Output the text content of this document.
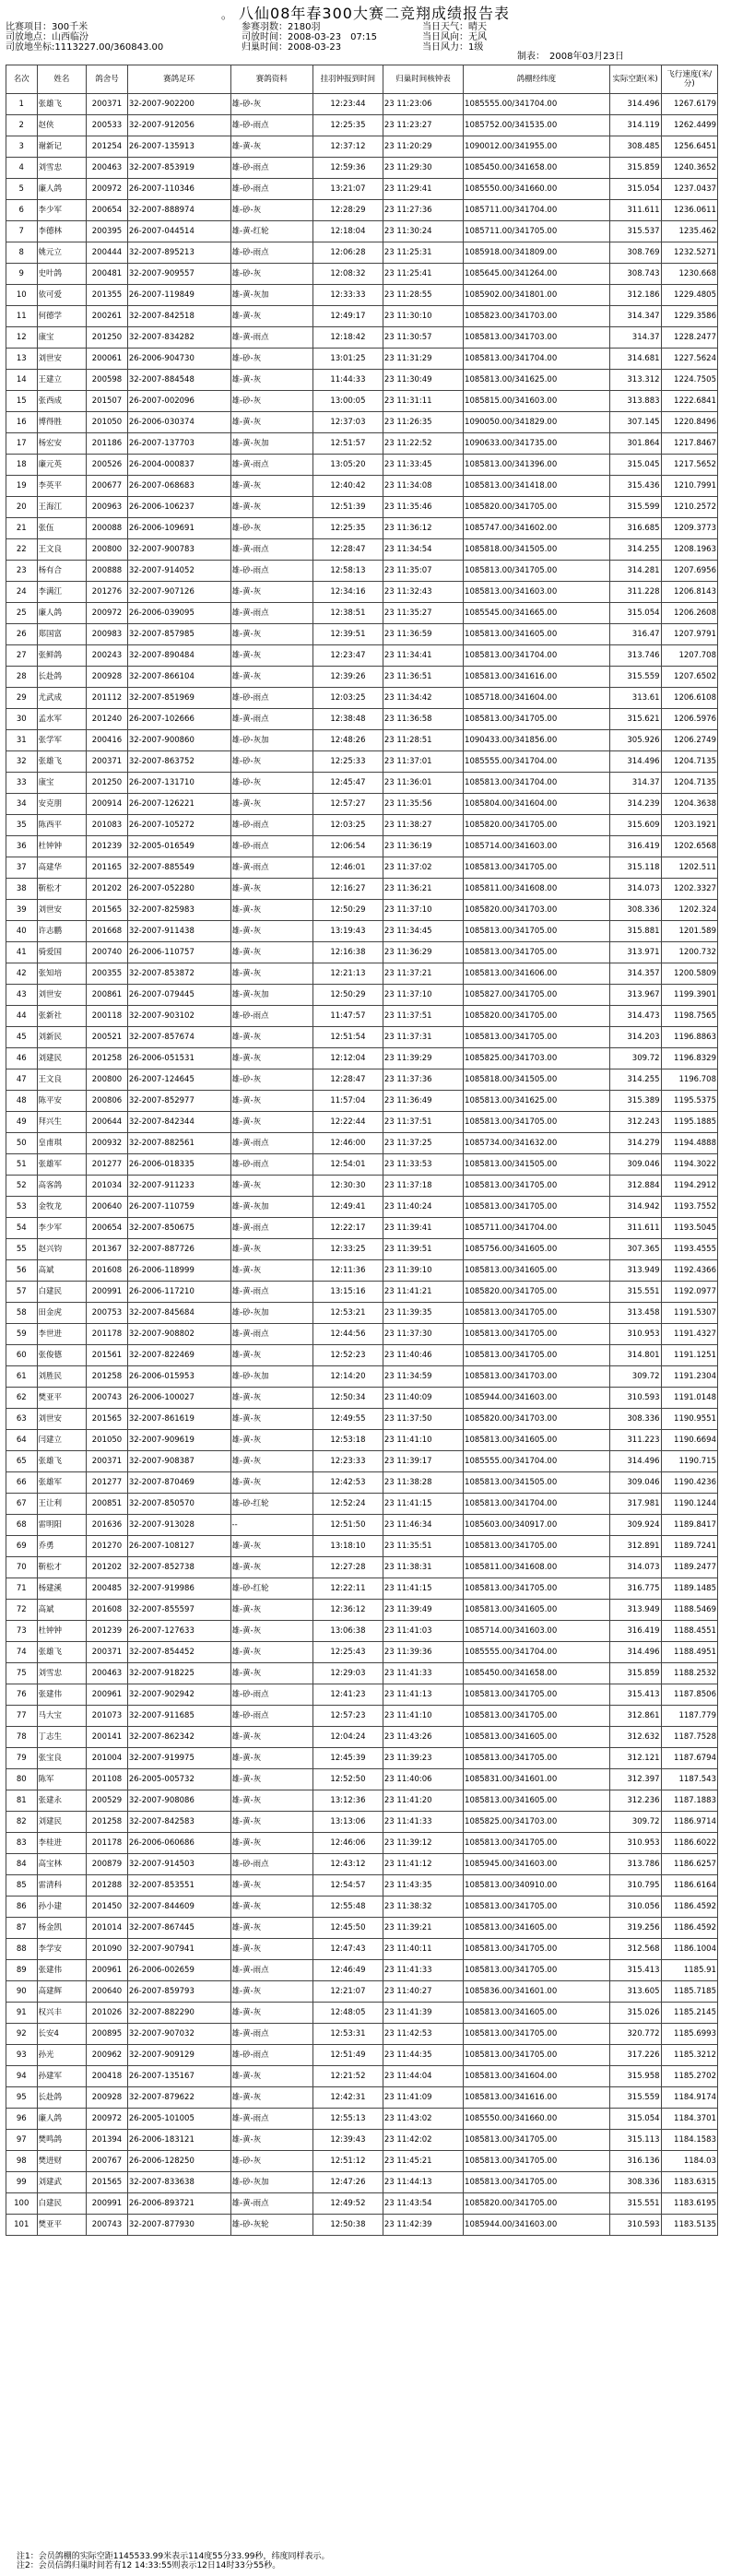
。 八仙08年春300大赛二竞翔成绩报告表
比赛项目：300千米
司放地点：山西临汾
司放地坐标:1113227.00/360843.00
参赛羽数：2180羽
司放时间：2008-03-23　07:15
归巢时间：2008-03-23
当日天气：晴天
当日风向：无风
当日风力：1级
制表：　2008年03月23日
名次	姓名	鸽舍号	赛鸽足环	赛鸽资料	挂羽钟报到时间	归巢时间核钟表	鸽棚经纬度	实际空距(米)	飞行速度(米/分)
1	张雄飞	200371	32-2007-902200	雄-砂-灰	12:23:44	23 11:23:06	1085555.00/341704.00	314.496	1267.6179
2	赵侠	200533	32-2007-912056	雄-砂-雨点	12:25:35	23 11:23:27	1085752.00/341535.00	314.119	1262.4499
3	谢新记	201254	26-2007-135913	雄-黄-灰	12:37:12	23 11:20:29	1090012.00/341955.00	308.485	1256.6451
4	刘雪忠	200463	32-2007-853919	雄-砂-雨点	12:59:36	23 11:29:30	1085450.00/341658.00	315.859	1240.3652
5	廉人鸽	200972	26-2007-110346	雄-砂-雨点	13:21:07	23 11:29:41	1085550.00/341660.00	315.054	1237.0437
6	李少军	200654	32-2007-888974	雄-砂-灰	12:28:29	23 11:27:36	1085711.00/341704.00	311.611	1236.0611
7	李德林	200395	26-2007-044514	雄-黄-红轮	12:18:04	23 11:30:24	1085711.00/341705.00	315.537	1235.462
8	姚元立	200444	32-2007-895213	雄-砂-雨点	12:06:28	23 11:25:31	1085918.00/341809.00	308.769	1232.5271
9	史叶鸽	200481	32-2007-909557	雄-砂-灰	12:08:32	23 11:25:41	1085645.00/341264.00	308.743	1230.668
10	依可爱	201355	26-2007-119849	雄-黄-灰加	12:33:33	23 11:28:55	1085902.00/341801.00	312.186	1229.4805
11	何德学	200261	32-2007-842518	雄-黄-灰	12:49:17	23 11:30:10	1085823.00/341703.00	314.347	1229.3586
12	康宝	201250	32-2007-834282	雄-黄-雨点	12:18:42	23 11:30:57	1085813.00/341703.00	314.37	1228.2477
13	刘世安	200061	26-2006-904730	雄-砂-灰	13:01:25	23 11:31:29	1085813.00/341704.00	314.681	1227.5624
14	王建立	200598	32-2007-884548	雄-黄-灰	11:44:33	23 11:30:49	1085813.00/341625.00	313.312	1224.7505
15	张西成	201507	26-2007-002096	雄-砂-灰	13:00:05	23 11:31:11	1085815.00/341603.00	313.883	1222.6841
16	博得胜	201050	26-2006-030374	雄-黄-灰	12:37:03	23 11:26:35	1090050.00/341829.00	307.145	1220.8496
17	杨宏安	201186	26-2007-137703	雄-黄-灰加	12:51:57	23 11:22:52	1090633.00/341735.00	301.864	1217.8467
18	廉元英	200526	26-2004-000837	雄-黄-雨点	13:05:20	23 11:33:45	1085813.00/341396.00	315.045	1217.5652
19	李英平	200677	26-2007-068683	雄-黄-灰	12:40:42	23 11:34:08	1085813.00/341418.00	315.436	1210.7991
20	王海江	200963	26-2006-106237	雄-黄-灰	12:51:39	23 11:35:46	1085820.00/341705.00	315.599	1210.2572
21	张伍	200088	26-2006-109691	雄-砂-灰	12:25:35	23 11:36:12	1085747.00/341602.00	316.685	1209.3773
22	王文良	200800	32-2007-900783	雄-黄-雨点	12:28:47	23 11:34:54	1085818.00/341505.00	314.255	1208.1963
23	杨有合	200888	32-2007-914052	雄-砂-雨点	12:58:13	23 11:35:07	1085813.00/341705.00	314.281	1207.6956
24	李满江	201276	32-2007-907126	雄-黄-灰	12:34:16	23 11:32:43	1085813.00/341603.00	311.228	1206.8143
25	廉人鸽	200972	26-2006-039095	雄-黄-雨点	12:38:51	23 11:35:27	1085545.00/341665.00	315.054	1206.2608
26	郑国富	200983	32-2007-857985	雄-黄-灰	12:39:51	23 11:36:59	1085813.00/341605.00	316.47	1207.9791
27	张鲜鸽	200243	32-2007-890484	雄-黄-灰	12:23:47	23 11:34:41	1085813.00/341704.00	313.746	1207.708
28	长赴鸽	200928	32-2007-866104	雄-黄-灰	12:39:26	23 11:36:51	1085813.00/341616.00	315.559	1207.6502
29	尤武成	201112	32-2007-851969	雄-砂-雨点	12:03:25	23 11:34:42	1085718.00/341604.00	313.61	1206.6108
30	孟水军	201240	26-2007-102666	雄-黄-雨点	12:38:48	23 11:36:58	1085813.00/341705.00	315.621	1206.5976
31	张学军	200416	32-2007-900860	雄-砂-灰加	12:48:26	23 11:28:51	1090433.00/341856.00	305.926	1206.2749
32	张雄飞	200371	32-2007-863752	雄-砂-灰	12:25:33	23 11:37:01	1085555.00/341704.00	314.496	1204.7135
33	康宝	201250	26-2007-131710	雄-砂-灰	12:45:47	23 11:36:01	1085813.00/341704.00	314.37	1204.7135
34	安克朋	200914	26-2007-126221	雄-黄-灰	12:57:27	23 11:35:56	1085804.00/341604.00	314.239	1204.3638
35	陈西平	201083	26-2007-105272	雄-砂-雨点	12:03:25	23 11:38:27	1085820.00/341705.00	315.609	1203.1921
36	杜钟钟	201239	32-2005-016549	雄-砂-雨点	12:06:54	23 11:36:19	1085714.00/341603.00	316.419	1202.6568
37	高建华	201165	32-2007-885549	雄-黄-雨点	12:46:01	23 11:37:02	1085813.00/341705.00	315.118	1202.511
38	靳松才	201202	26-2007-052280	雄-黄-灰	12:16:27	23 11:36:21	1085811.00/341608.00	314.073	1202.3327
39	刘世安	201565	32-2007-825983	雄-黄-灰	12:50:29	23 11:37:10	1085820.00/341703.00	308.336	1202.324
40	许志鹏	201668	32-2007-911438	雄-黄-灰	13:19:43	23 11:34:45	1085813.00/341705.00	315.881	1201.589
41	骑爱国	200740	26-2006-110757	雄-黄-灰	12:16:38	23 11:36:29	1085813.00/341705.00	313.971	1200.732
42	张知培	200355	32-2007-853872	雄-黄-灰	12:21:13	23 11:37:21	1085813.00/341606.00	314.357	1200.5809
43	刘世安	200861	26-2007-079445	雄-黄-灰加	12:50:29	23 11:37:10	1085827.00/341705.00	313.967	1199.3901
44	张新社	200118	32-2007-903102	雄-砂-雨点	11:47:57	23 11:37:51	1085820.00/341705.00	314.473	1198.7565
45	刘新民	200521	32-2007-857674	雄-黄-灰	12:51:54	23 11:37:31	1085813.00/341705.00	314.203	1196.8863
46	刘建民	201258	26-2006-051531	雄-黄-灰	12:12:04	23 11:39:29	1085825.00/341703.00	309.72	1196.8329
47	王文良	200800	26-2007-124645	雄-砂-灰	12:28:47	23 11:37:36	1085818.00/341505.00	314.255	1196.708
48	陈平安	200806	32-2007-852977	雄-黄-灰	11:57:04	23 11:36:49	1085813.00/341625.00	315.389	1195.5375
49	拜兴生	200644	32-2007-842344	雄-黄-灰	12:22:44	23 11:37:51	1085813.00/341705.00	312.243	1195.1885
50	皇甫琪	200932	32-2007-882561	雄-黄-雨点	12:46:00	23 11:37:25	1085734.00/341632.00	314.279	1194.4888
51	张雄军	201277	26-2006-018335	雄-砂-雨点	12:54:01	23 11:33:53	1085813.00/341505.00	309.046	1194.3022
52	高客鸽	201034	32-2007-911233	雄-黄-灰	12:30:30	23 11:37:18	1085813.00/341705.00	312.884	1194.2912
53	金牧龙	200640	26-2007-110759	雄-黄-灰加	12:49:41	23 11:40:24	1085813.00/341705.00	314.942	1193.7552
54	李少军	200654	32-2007-850675	雄-黄-雨点	12:22:17	23 11:39:41	1085711.00/341704.00	311.611	1193.5045
55	赵兴钧	201367	32-2007-887726	雄-黄-灰	12:33:25	23 11:39:51	1085756.00/341605.00	307.365	1193.4555
56	高斌	201608	26-2006-118999	雄-黄-灰	12:11:36	23 11:39:10	1085813.00/341605.00	313.949	1192.4366
57	白建民	200991	26-2006-117210	雄-黄-雨点	13:15:16	23 11:41:21	1085820.00/341705.00	315.551	1192.0977
58	田金虎	200753	32-2007-845684	雄-砂-灰加	12:53:21	23 11:39:35	1085813.00/341705.00	313.458	1191.5307
59	李世进	201178	32-2007-908802	雄-黄-雨点	12:44:56	23 11:37:30	1085813.00/341705.00	310.953	1191.4327
60	张俊德	201561	32-2007-822469	雄-黄-灰	12:52:23	23 11:40:46	1085813.00/341705.00	314.801	1191.1251
61	刘胜民	201258	26-2006-015953	雄-砂-灰加	12:14:20	23 11:34:59	1085813.00/341703.00	309.72	1191.2304
62	樊亚平	200743	26-2006-100027	雄-黄-灰	12:50:34	23 11:40:09	1085944.00/341603.00	310.593	1191.0148
63	刘世安	201565	32-2007-861619	雄-黄-灰	12:49:55	23 11:37:50	1085820.00/341703.00	308.336	1190.9551
64	闫建立	201050	32-2007-909619	雄-黄-灰	12:53:18	23 11:41:10	1085813.00/341605.00	311.223	1190.6694
65	张雄飞	200371	32-2007-908387	雄-黄-灰	12:23:33	23 11:39:17	1085555.00/341704.00	314.496	1190.715
66	张雄军	201277	32-2007-870469	雄-黄-灰	12:42:53	23 11:38:28	1085813.00/341505.00	309.046	1190.4236
67	王让利	200851	32-2007-850570	雄-砂-红轮	12:52:24	23 11:41:15	1085813.00/341704.00	317.981	1190.1244
68	雷明阳	201636	32-2007-913028	--	12:51:50	23 11:46:34	1085603.00/340917.00	309.924	1189.8417
69	乔勇	201270	26-2007-108127	雄-黄-灰	13:18:10	23 11:35:51	1085813.00/341705.00	312.891	1189.7241
70	靳松才	201202	32-2007-852738	雄-黄-灰	12:27:28	23 11:38:31	1085811.00/341608.00	314.073	1189.2477
71	杨建溪	200485	32-2007-919986	雄-砂-红轮	12:22:11	23 11:41:15	1085813.00/341705.00	316.775	1189.1485
72	高斌	201608	32-2007-855597	雄-黄-灰	12:36:12	23 11:39:49	1085813.00/341605.00	313.949	1188.5469
73	杜钟钟	201239	26-2007-127633	雄-黄-灰	13:06:38	23 11:41:03	1085714.00/341603.00	316.419	1188.4551
74	张雄飞	200371	32-2007-854452	雄-黄-灰	12:25:43	23 11:39:36	1085555.00/341704.00	314.496	1188.4951
75	刘雪忠	200463	32-2007-918225	雄-黄-灰	12:29:03	23 11:41:33	1085450.00/341658.00	315.859	1188.2532
76	张建伟	200961	32-2007-902942	雄-砂-雨点	12:41:23	23 11:41:13	1085813.00/341705.00	315.413	1187.8506
77	马大宝	201073	32-2007-911685	雄-砂-雨点	12:57:23	23 11:41:10	1085813.00/341705.00	312.861	1187.779
78	丁志生	200141	32-2007-862342	雄-黄-灰	12:04:24	23 11:43:26	1085813.00/341605.00	312.632	1187.7528
79	张宝良	201004	32-2007-919975	雄-黄-灰	12:45:39	23 11:39:23	1085813.00/341705.00	312.121	1187.6794
80	陈军	201108	26-2005-005732	雄-黄-灰	12:52:50	23 11:40:06	1085831.00/341601.00	312.397	1187.543
81	张建永	200529	32-2007-908086	雄-黄-灰	13:12:36	23 11:41:20	1085813.00/341605.00	312.236	1187.1883
82	刘建民	201258	32-2007-842583	雄-黄-灰	13:13:06	23 11:41:33	1085825.00/341703.00	309.72	1186.9714
83	李桂进	201178	26-2006-060686	雄-黄-灰	12:46:06	23 11:39:12	1085813.00/341705.00	310.953	1186.6022
84	高宝林	200879	32-2007-914503	雄-砂-雨点	12:43:12	23 11:41:12	1085945.00/341603.00	313.786	1186.6257
85	雷清科	201288	32-2007-853551	雄-黄-灰	12:54:57	23 11:43:35	1085813.00/340910.00	310.795	1186.6164
86	孙小建	201450	32-2007-844609	雄-黄-灰	12:55:48	23 11:38:32	1085813.00/341705.00	310.056	1186.4592
87	杨金凯	201014	32-2007-867445	雄-黄-灰	12:45:50	23 11:39:21	1085813.00/341605.00	319.256	1186.4592
88	李学安	201090	32-2007-907941	雄-黄-灰	12:47:43	23 11:40:11	1085813.00/341705.00	312.568	1186.1004
89	张建伟	200961	26-2006-002659	雄-黄-雨点	12:46:49	23 11:41:33	1085813.00/341705.00	315.413	1185.91
90	高建辉	200640	26-2007-859793	雄-黄-灰	12:21:07	23 11:40:27	1085836.00/341601.00	313.605	1185.7185
91	权兴丰	201026	32-2007-882290	雄-黄-灰	12:48:05	23 11:41:39	1085813.00/341605.00	315.026	1185.2145
92	长安4	200895	32-2007-907032	雄-黄-雨点	12:53:31	23 11:42:53	1085813.00/341705.00	320.772	1185.6993
93	孙光	200962	32-2007-909129	雄-砂-雨点	12:51:49	23 11:44:35	1085813.00/341705.00	317.226	1185.3212
94	孙建军	200418	26-2007-135167	雄-黄-灰	12:21:52	23 11:44:04	1085813.00/341604.00	315.958	1185.2702
95	长赴鸽	200928	32-2007-879622	雄-黄-灰	12:42:31	23 11:41:09	1085813.00/341616.00	315.559	1184.9174
96	廉人鸽	200972	26-2005-101005	雄-黄-雨点	12:55:13	23 11:43:02	1085550.00/341660.00	315.054	1184.3701
97	樊鸣鸽	201394	26-2006-183121	雄-黄-灰	12:39:43	23 11:42:02	1085813.00/341705.00	315.113	1184.1583
98	樊进财	200767	26-2006-128250	雄-砂-灰	12:51:12	23 11:45:21	1085813.00/341705.00	316.136	1184.03
99	刘建武	201565	32-2007-833638	雄-砂-灰加	12:47:26	23 11:44:13	1085813.00/341705.00	308.336	1183.6315
100	白建民	200991	26-2006-893721	雄-黄-雨点	12:49:52	23 11:43:54	1085820.00/341705.00	315.551	1183.6195
101	樊亚平	200743	32-2007-877930	雄-砂-灰轮	12:50:38	23 11:42:39	1085944.00/341603.00	310.593	1183.5135
注1：会员鸽棚的实际空距1145533.99米表示114度55分33.99秒，纬度同样表示。
注2：会员信鸽归巢时间若有12 14:33:55则表示12日14时33分55秒。
